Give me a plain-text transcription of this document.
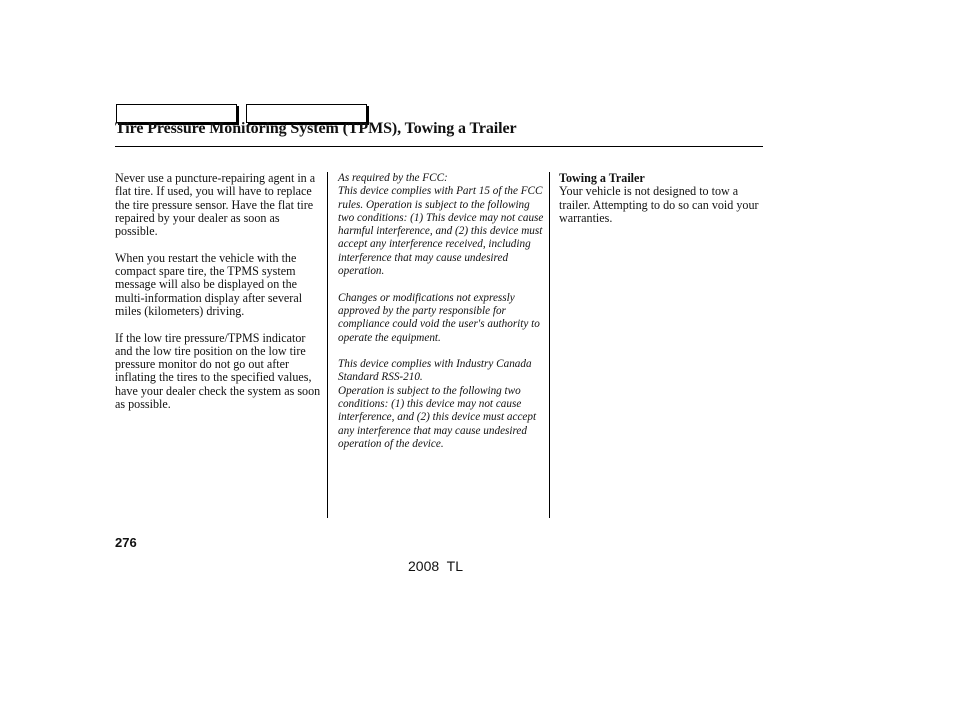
Tire Pressure Monitoring System (TPMS), Towing a Trailer

Never use a puncture-repairing agent in a flat tire. If used, you will have to replace the tire pressure sensor. Have the flat tire repaired by your dealer as soon as possible.

When you restart the vehicle with the compact spare tire, the TPMS system message will also be displayed on the multi-information display after several miles (kilometers) driving.

If the low tire pressure/TPMS indicator and the low tire position on the low tire pressure monitor do not go out after inflating the tires to the specified values, have your dealer check the system as soon as possible.

As required by the FCC:

This device complies with Part 15 of the FCC rules. Operation is subject to the following two conditions: (1) This device may not cause harmful interference, and (2) this device must accept any interference received, including interference that may cause undesired operation.

Changes or modifications not expressly approved by the party responsible for compliance could void the user's authority to operate the equipment.

This device complies with Industry Canada Standard RSS-210.

Operation is subject to the following two conditions: (1) this device may not cause interference, and (2) this device must accept any interference that may cause undesired operation of the device.

Towing a Trailer
Your vehicle is not designed to tow a trailer. Attempting to do so can void your warranties.
276
2008  TL
